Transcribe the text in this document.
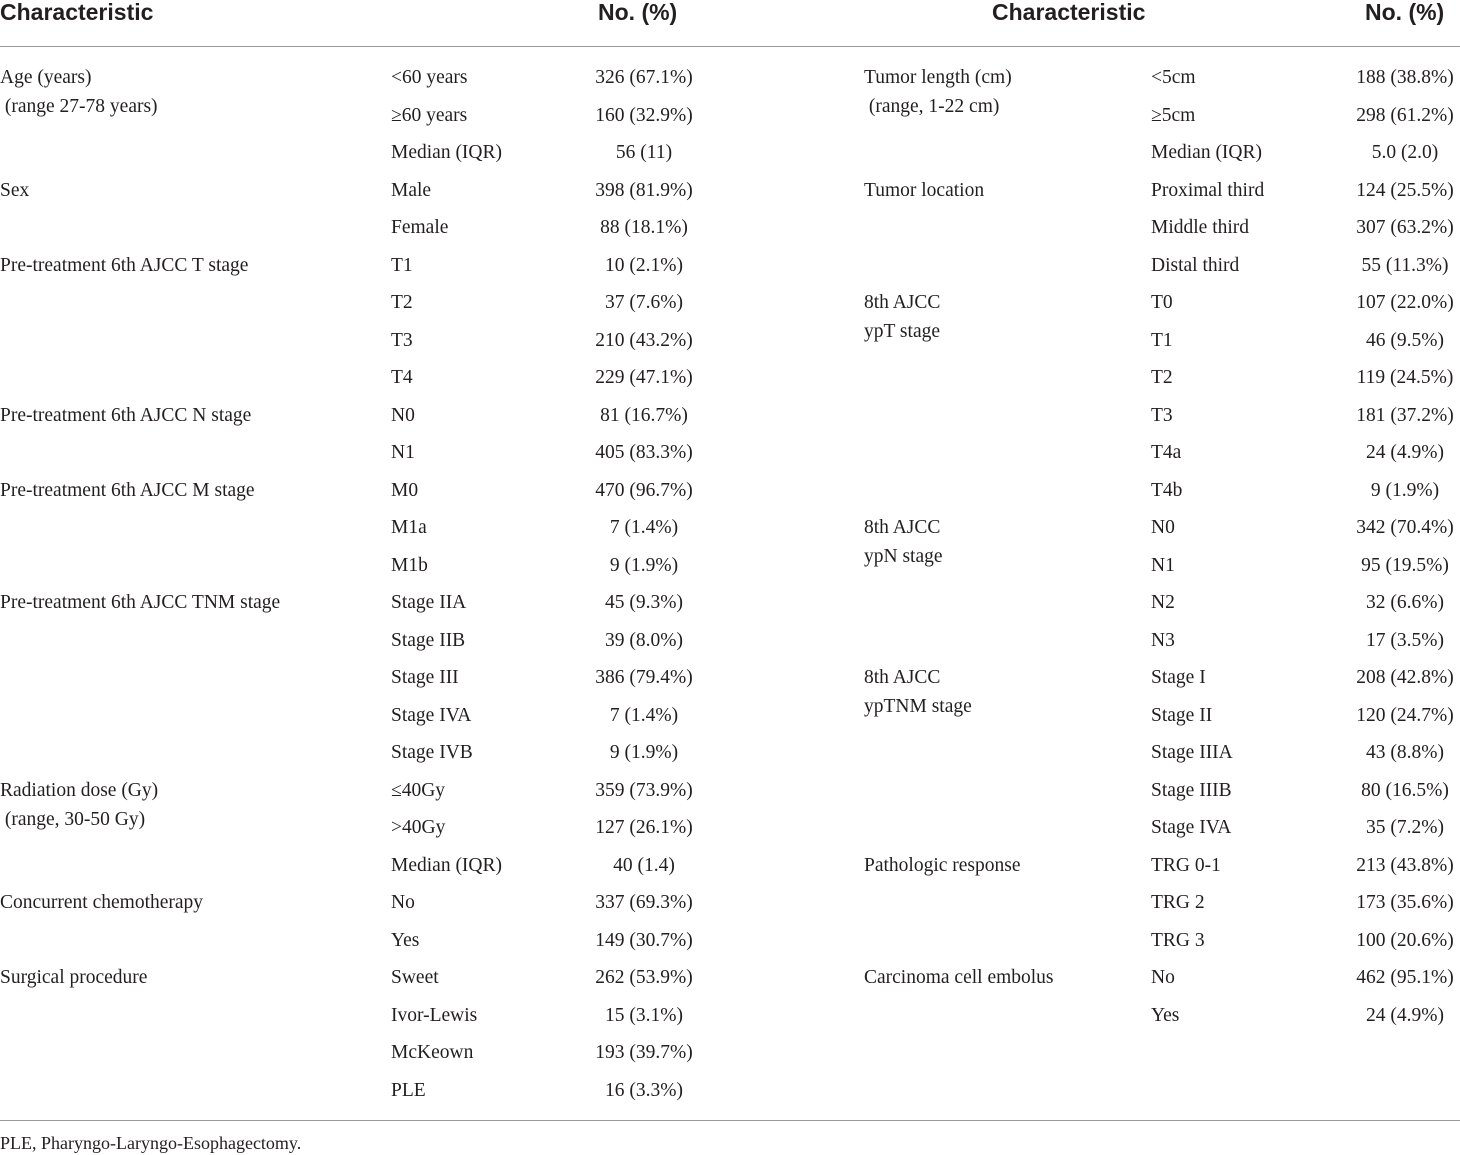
Characteristic	No. (%)	Characteristic	No. (%)
Age (years)
(range 27-78 years)
<60 years	326 (67.1%)
≥60 years	160 (32.9%)
Median (IQR)	56 (11)
Sex	Male	398 (81.9%)
Female	88 (18.1%)
Pre-treatment 6th AJCC T stage	T1	10 (2.1%)
T2	37 (7.6%)
T3	210 (43.2%)
T4	229 (47.1%)
Pre-treatment 6th AJCC N stage	N0	81 (16.7%)
N1	405 (83.3%)
Pre-treatment 6th AJCC M stage	M0	470 (96.7%)
M1a	7 (1.4%)
M1b	9 (1.9%)
Pre-treatment 6th AJCC TNM stage	Stage IIA	45 (9.3%)
Stage IIB	39 (8.0%)
Stage III	386 (79.4%)
Stage IVA	7 (1.4%)
Stage IVB	9 (1.9%)
Radiation dose (Gy)
(range, 30-50 Gy)
≤40Gy	359 (73.9%)
>40Gy	127 (26.1%)
Median (IQR)	40 (1.4)
Concurrent chemotherapy	No	337 (69.3%)
Yes	149 (30.7%)
Surgical procedure	Sweet	262 (53.9%)
Ivor-Lewis	15 (3.1%)
McKeown	193 (39.7%)
PLE	16 (3.3%)
Tumor length (cm)
(range, 1-22 cm)
<5cm	188 (38.8%)
≥5cm	298 (61.2%)
Median (IQR)	5.0 (2.0)
Tumor location	Proximal third	124 (25.5%)
Middle third	307 (63.2%)
Distal third	55 (11.3%)
8th AJCC
ypT stage
T0	107 (22.0%)
T1	46 (9.5%)
T2	119 (24.5%)
T3	181 (37.2%)
T4a	24 (4.9%)
T4b	9 (1.9%)
8th AJCC
ypN stage
N0	342 (70.4%)
N1	95 (19.5%)
N2	32 (6.6%)
N3	17 (3.5%)
8th AJCC
ypTNM stage
Stage I	208 (42.8%)
Stage II	120 (24.7%)
Stage IIIA	43 (8.8%)
Stage IIIB	80 (16.5%)
Stage IVA	35 (7.2%)
Pathologic response	TRG 0-1	213 (43.8%)
TRG 2	173 (35.6%)
TRG 3	100 (20.6%)
Carcinoma cell embolus	No	462 (95.1%)
Yes	24 (4.9%)
PLE, Pharyngo-Laryngo-Esophagectomy.
